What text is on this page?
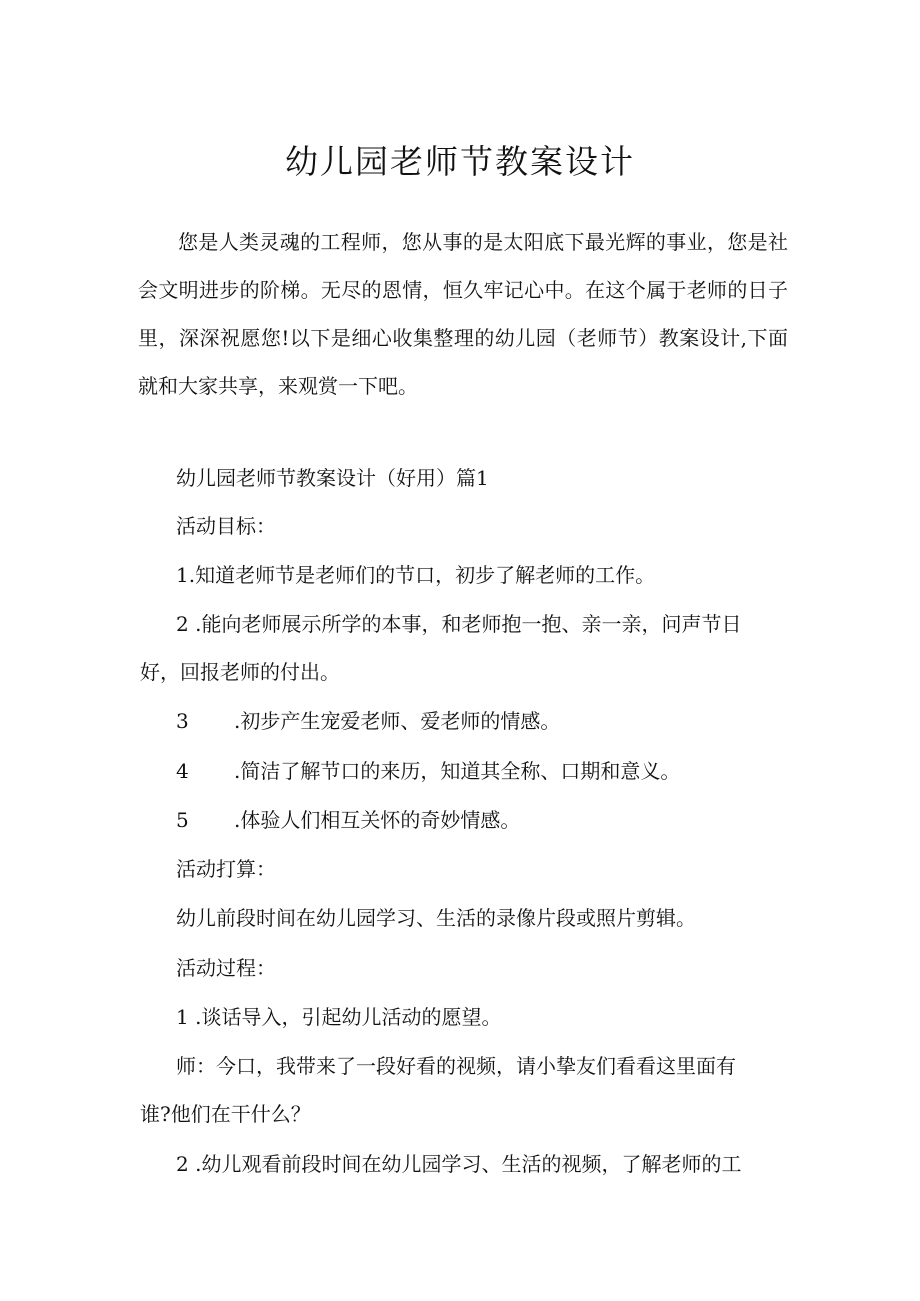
幼儿园老师节教案设计
您是人类灵魂的工程师，您从事的是太阳底下最光辉的事业，您是社会文明进步的阶梯。无尽的恩情，恒久牢记心中。在这个属于老师的日子里，深深祝愿您!以下是细心收集整理的幼儿园（老师节）教案设计,下面就和大家共享，来观赏一下吧。
幼儿园老师节教案设计（好用）篇1
活动目标：
1.知道老师节是老师们的节口，初步了解老师的工作。
2 .能向老师展示所学的本事，和老师抱一抱、亲一亲，问声节日好，回报老师的付出。
3 .初步产生宠爱老师、爱老师的情感。
4 .简洁了解节口的来历，知道其全称、口期和意义。
5 .体验人们相互关怀的奇妙情感。
活动打算：
幼儿前段时间在幼儿园学习、生活的录像片段或照片剪辑。
活动过程：
1 .谈话导入，引起幼儿活动的愿望。
师：今口，我带来了一段好看的视频，请小挚友们看看这里面有谁?他们在干什么？
2 .幼儿观看前段时间在幼儿园学习、生活的视频，了解老师的工
